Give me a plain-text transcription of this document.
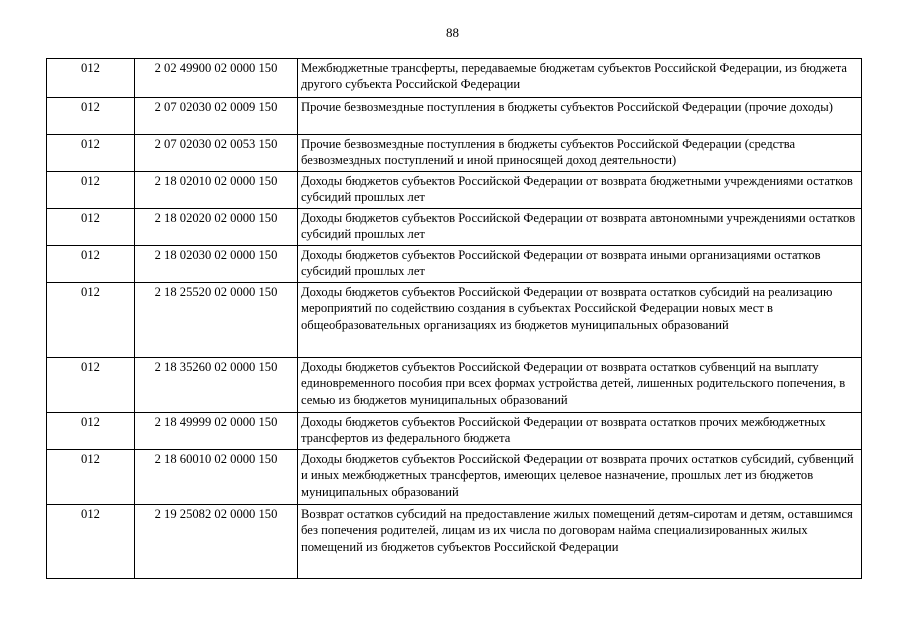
88
012	2 02 49900 02 0000 150	Межбюджетные трансферты, передаваемые бюджетам субъектов Российской Федерации, из бюджета другого субъекта Российской Федерации
012	2 07 02030 02 0009 150	Прочие безвозмездные поступления в бюджеты субъектов Российской Федерации (прочие доходы)
012	2 07 02030 02 0053 150	Прочие безвозмездные поступления в бюджеты субъектов Российской Федерации (средства безвозмездных поступлений и иной приносящей доход деятельности)
012	2 18 02010 02 0000 150	Доходы бюджетов субъектов Российской Федерации от возврата бюджетными учреждениями остатков субсидий прошлых лет
012	2 18 02020 02 0000 150	Доходы бюджетов субъектов Российской Федерации от возврата автономными учреждениями остатков субсидий прошлых лет
012	2 18 02030 02 0000 150	Доходы бюджетов субъектов Российской Федерации от возврата иными организациями остатков субсидий прошлых лет
012	2 18 25520 02 0000 150	Доходы бюджетов субъектов Российской Федерации от возврата остатков субсидий на реализацию мероприятий по содействию создания в субъектах Российской Федерации новых мест в общеобразовательных организациях из бюджетов муниципальных образований
012	2 18 35260 02 0000 150	Доходы бюджетов субъектов Российской Федерации от возврата остатков субвенций на выплату единовременного пособия при всех формах устройства детей, лишенных родительского попечения, в семью из бюджетов муниципальных образований
012	2 18 49999 02 0000 150	Доходы бюджетов субъектов Российской Федерации от возврата остатков прочих межбюджетных трансфертов из федерального бюджета
012	2 18 60010 02 0000 150	Доходы бюджетов субъектов Российской Федерации от возврата прочих остатков субсидий, субвенций и иных межбюджетных трансфертов, имеющих целевое назначение, прошлых лет из бюджетов муниципальных образований
012	2 19 25082 02 0000 150	Возврат остатков субсидий на предоставление жилых помещений детям-сиротам и детям, оставшимся без попечения родителей, лицам из их числа по договорам найма специализированных жилых помещений из бюджетов субъектов Российской Федерации
